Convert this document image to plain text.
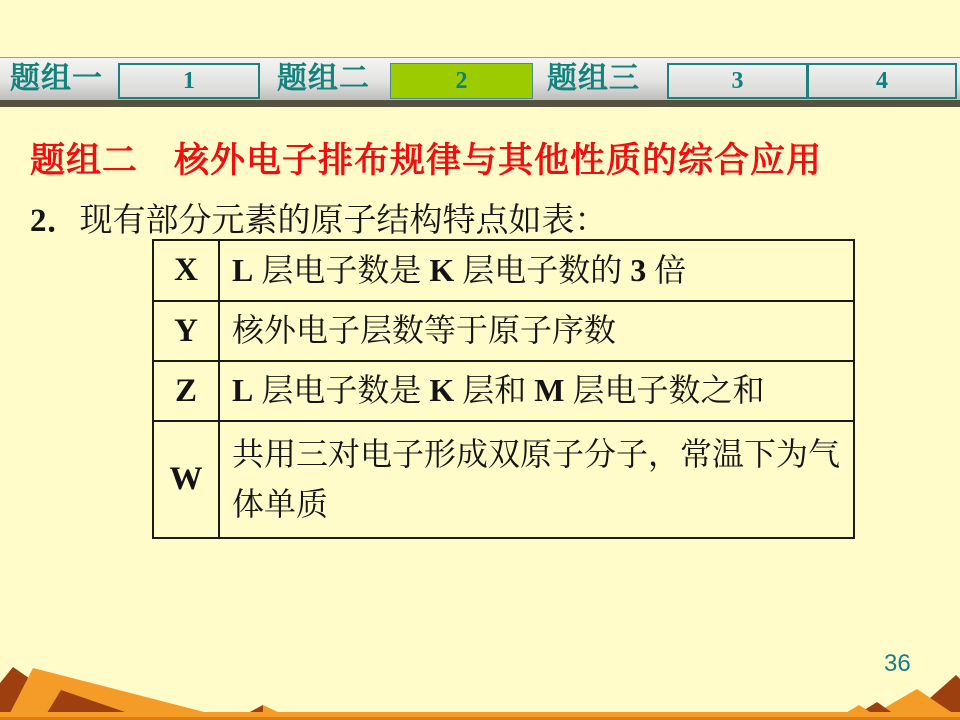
题组一	1	题组二	2	题组三	3	4
题组二　核外电子排布规律与其他性质的综合应用
2．现有部分元素的原子结构特点如表：
X	L 层电子数是 K 层电子数的 3 倍
Y	核外电子层数等于原子序数
Z	L 层电子数是 K 层和 M 层电子数之和
W	共用三对电子形成双原子分子，常温下为气体单质
36
